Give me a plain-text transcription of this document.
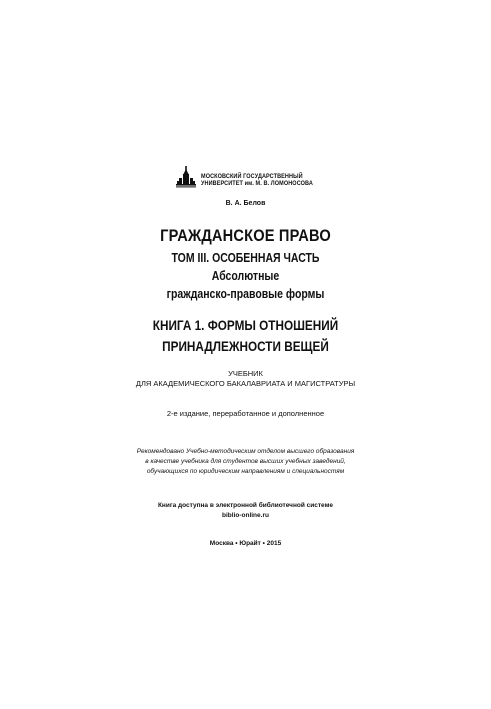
МОСКОВСКИЙ ГОСУДАРСТВЕННЫЙ
УНИВЕРСИТЕТ им. М. В. ЛОМОНОСОВА
В. А. Белов
ГРАЖДАНСКОЕ ПРАВО
ТОМ III. ОСОБЕННАЯ ЧАСТЬ
Абсолютные
гражданско-правовые формы
КНИГА 1. ФОРМЫ ОТНОШЕНИЙ
ПРИНАДЛЕЖНОСТИ ВЕЩЕЙ
УЧЕБНИК
ДЛЯ АКАДЕМИЧЕСКОГО БАКАЛАВРИАТА И МАГИСТРАТУРЫ
2-е издание, переработанное и дополненное
Рекомендовано Учебно-методическим отделом высшего образования
в качестве учебника для студентов высших учебных заведений,
обучающихся по юридическим направлениям и специальностям
Книга доступна в электронной библиотечной системе
biblio-online.ru
Москва • Юрайт • 2015
